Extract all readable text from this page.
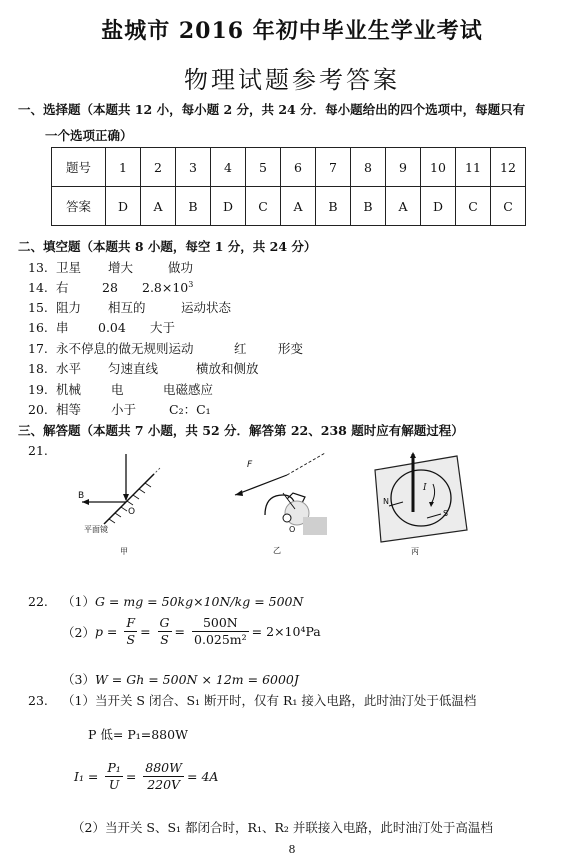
盐城市 2016 年初中毕业生学业考试
物理试题参考答案
一、选择题（本题共 12 小，每小题 2 分，共 24 分．每小题给出的四个选项中，每题只有
一个选项正确）
题号	1	2	3	4	5	6	7	8	9	10	11	12
答案	D	A	B	D	C	A	B	B	A	D	C	C
二、填空题（本题共 8 小题，每空 1 分，共 24 分）
13. 卫星 增大	做功
14. 右	28 $2.8\times 10^3$
15. 阻力 相互的	运动状态
16. 串 0.04 大于
17. 永不停息的做无规则运动	红	形变
18. 水平 匀速直线	横放和侧放
19. 机械 电	电磁感应
20. 相等 小于	C₂：C₁
三、解答题（本题共 7 小题，共 52 分．解答第 22、238 题时应有解题过程）
21.
B
O
平面镜
甲
F
O
乙
I
N
S
丙
22. （1）G = mg = 50kg×10N/kg = 500N
$(2)p = \frac{F}{S} = \frac{G}{S} = \frac{500N}{\text{0.025m²}} = 2\times 10^4Pa$
（3）W = Gh = 500N × 12m = 6000J
23. （1）当开关 S 闭合、S₁ 断开时，仅有 R₁ 接入电路，此时油汀处于低温档
P 低= P₁=880W
$I_1 = \frac{\text{P₁}}{U} = \frac{880W}{220V} = 4A$
（2）当开关 S、S₁ 都闭合时，R₁、R₂ 并联接入电路，此时油汀处于高温档
8
